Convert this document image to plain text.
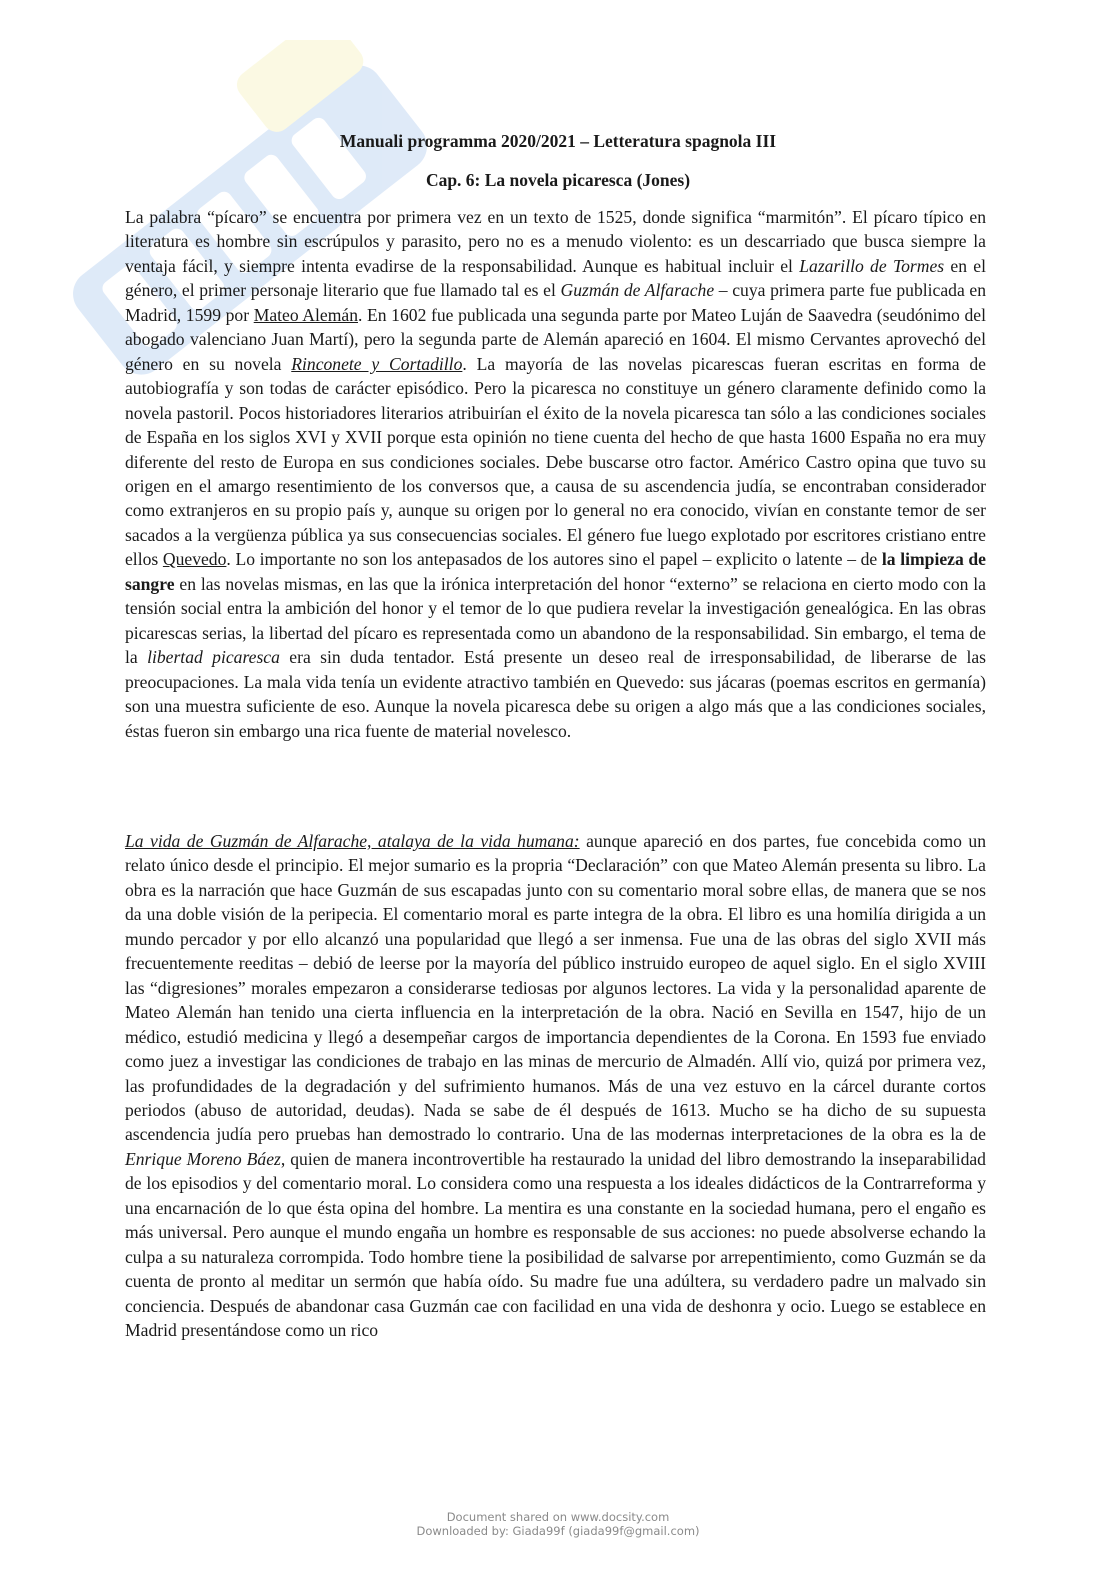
Manuali programma 2020/2021 – Letteratura spagnola III
Cap. 6: La novela picaresca (Jones)

La palabra “pícaro” se encuentra por primera vez en un texto de 1525, donde significa “marmitón”. El pícaro típico en literatura es hombre sin escrúpulos y parasito, pero no es a menudo violento: es un descarriado que busca siempre la ventaja fácil, y siempre intenta evadirse de la responsabilidad. Aunque es habitual incluir el Lazarillo de Tormes en el género, el primer personaje literario que fue llamado tal es el Guzmán de Alfarache – cuya primera parte fue publicada en Madrid, 1599 por Mateo Alemán. En 1602 fue publicada una segunda parte por Mateo Luján de Saavedra (seudónimo del abogado valenciano Juan Martí), pero la segunda parte de Alemán apareció en 1604. El mismo Cervantes aprovechó del género en su novela Rinconete y Cortadillo. La mayoría de las novelas picarescas fueran escritas en forma de autobiografía y son todas de carácter episódico. Pero la picaresca no constituye un género claramente definido como la novela pastoril. Pocos historiadores literarios atribuirían el éxito de la novela picaresca tan sólo a las condiciones sociales de España en los siglos XVI y XVII porque esta opinión no tiene cuenta del hecho de que hasta 1600 España no era muy diferente del resto de Europa en sus condiciones sociales. Debe buscarse otro factor. Américo Castro opina que tuvo su origen en el amargo resentimiento de los conversos que, a causa de su ascendencia judía, se encontraban considerador como extranjeros en su propio país y, aunque su origen por lo general no era conocido, vivían en constante temor de ser sacados a la vergüenza pública ya sus consecuencias sociales. El género fue luego explotado por escritores cristiano entre ellos Quevedo. Lo importante no son los antepasados de los autores sino el papel – explicito o latente – de la limpieza de sangre en las novelas mismas, en las que la irónica interpretación del honor “externo” se relaciona en cierto modo con la tensión social entra la ambición del honor y el temor de lo que pudiera revelar la investigación genealógica. En las obras picarescas serias, la libertad del pícaro es representada como un abandono de la responsabilidad. Sin embargo, el tema de la libertad picaresca era sin duda tentador. Está presente un deseo real de irresponsabilidad, de liberarse de las preocupaciones. La mala vida tenía un evidente atractivo también en Quevedo: sus jácaras (poemas escritos en germanía) son una muestra suficiente de eso. Aunque la novela picaresca debe su origen a algo más que a las condiciones sociales, éstas fueron sin embargo una rica fuente de material novelesco.

La vida de Guzmán de Alfarache, atalaya de la vida humana: aunque apareció en dos partes, fue concebida como un relato único desde el principio. El mejor sumario es la propria “Declaración” con que Mateo Alemán presenta su libro. La obra es la narración que hace Guzmán de sus escapadas junto con su comentario moral sobre ellas, de manera que se nos da una doble visión de la peripecia. El comentario moral es parte integra de la obra. El libro es una homilía dirigida a un mundo percador y por ello alcanzó una popularidad que llegó a ser inmensa. Fue una de las obras del siglo XVII más frecuentemente reeditas – debió de leerse por la mayoría del público instruido europeo de aquel siglo. En el siglo XVIII las “digresiones” morales empezaron a considerarse tediosas por algunos lectores. La vida y la personalidad aparente de Mateo Alemán han tenido una cierta influencia en la interpretación de la obra. Nació en Sevilla en 1547, hijo de un médico, estudió medicina y llegó a desempeñar cargos de importancia dependientes de la Corona. En 1593 fue enviado como juez a investigar las condiciones de trabajo en las minas de mercurio de Almadén. Allí vio, quizá por primera vez, las profundidades de la degradación y del sufrimiento humanos. Más de una vez estuvo en la cárcel durante cortos periodos (abuso de autoridad, deudas). Nada se sabe de él después de 1613. Mucho se ha dicho de su supuesta ascendencia judía pero pruebas han demostrado lo contrario. Una de las modernas interpretaciones de la obra es la de Enrique Moreno Báez, quien de manera incontrovertible ha restaurado la unidad del libro demostrando la inseparabilidad de los episodios y del comentario moral. Lo considera como una respuesta a los ideales didácticos de la Contrarreforma y una encarnación de lo que ésta opina del hombre. La mentira es una constante en la sociedad humana, pero el engaño es más universal. Pero aunque el mundo engaña un hombre es responsable de sus acciones: no puede absolverse echando la culpa a su naturaleza corrompida. Todo hombre tiene la posibilidad de salvarse por arrepentimiento, como Guzmán se da cuenta de pronto al meditar un sermón que había oído. Su madre fue una adúltera, su verdadero padre un malvado sin conciencia. Después de abandonar casa Guzmán cae con facilidad en una vida de deshonra y ocio. Luego se establece en Madrid presentándose como un rico

Document shared on www.docsity.com
Downloaded by: Giada99f (giada99f@gmail.com)
